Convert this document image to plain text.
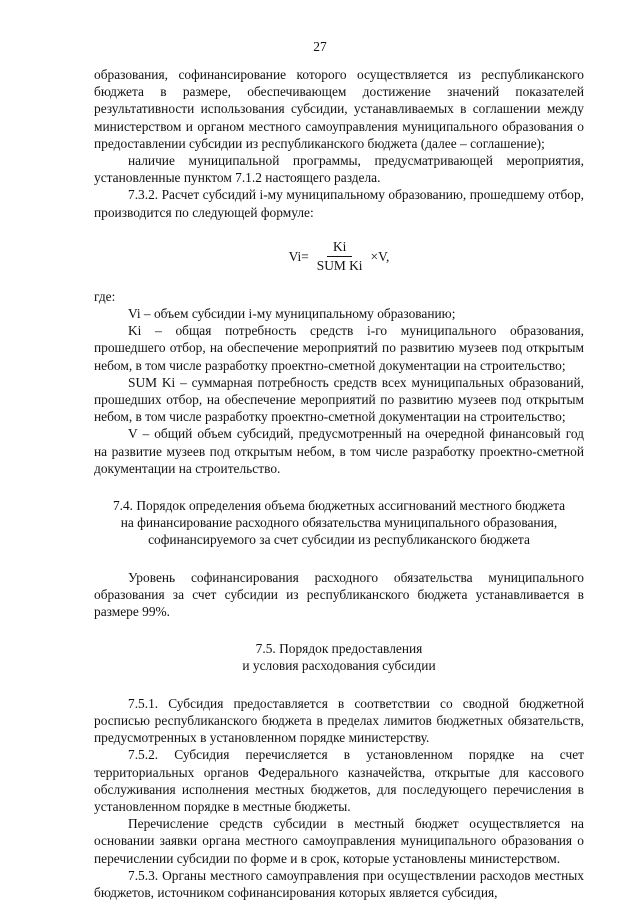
27

образования, софинансирование которого осуществляется из республиканского бюджета в размере, обеспечивающем достижение значений показателей результативности использования субсидии, устанавливаемых в соглашении между министерством и органом местного самоуправления муниципального образования о предоставлении субсидии из республиканского бюджета (далее – соглашение);

наличие муниципальной программы, предусматривающей мероприятия, установленные пунктом 7.1.2 настоящего раздела.

7.3.2. Расчет субсидий i-му муниципальному образованию, прошедшему отбор, производится по следующей формуле:

$Vi= \frac{Ki}{\text{SUM Ki}} \times V$,

где:

Vi – объем субсидии i-му муниципальному образованию;

Ki – общая потребность средств i-го муниципального образования, прошедшего отбор, на обеспечение мероприятий по развитию музеев под открытым небом, в том числе разработку проектно-сметной документации на строительство;

SUM Ki – суммарная потребность средств всех муниципальных образований, прошедших отбор, на обеспечение мероприятий по развитию музеев под открытым небом, в том числе разработку проектно-сметной документации на строительство;

V – общий объем субсидий, предусмотренный на очередной финансовый год на развитие музеев под открытым небом, в том числе разработку проектно-сметной документации на строительство.

7.4. Порядок определения объема бюджетных ассигнований местного бюджета

на финансирование расходного обязательства муниципального образования,

софинансируемого за счет субсидии из республиканского бюджета

Уровень софинансирования расходного обязательства муниципального образования за счет субсидии из республиканского бюджета устанавливается в размере 99%.

7.5. Порядок предоставления

и условия расходования субсидии

7.5.1. Субсидия предоставляется в соответствии со сводной бюджетной росписью республиканского бюджета в пределах лимитов бюджетных обязательств, предусмотренных в установленном порядке министерству.

7.5.2. Субсидия перечисляется в установленном порядке на счет территориальных органов Федерального казначейства, открытые для кассового обслуживания исполнения местных бюджетов, для последующего перечисления в установленном порядке в местные бюджеты.

Перечисление средств субсидии в местный бюджет осуществляется на основании заявки органа местного самоуправления муниципального образования о перечислении субсидии по форме и в срок, которые установлены министерством.

7.5.3. Органы местного самоуправления при осуществлении расходов местных бюджетов, источником софинансирования которых является субсидия,
